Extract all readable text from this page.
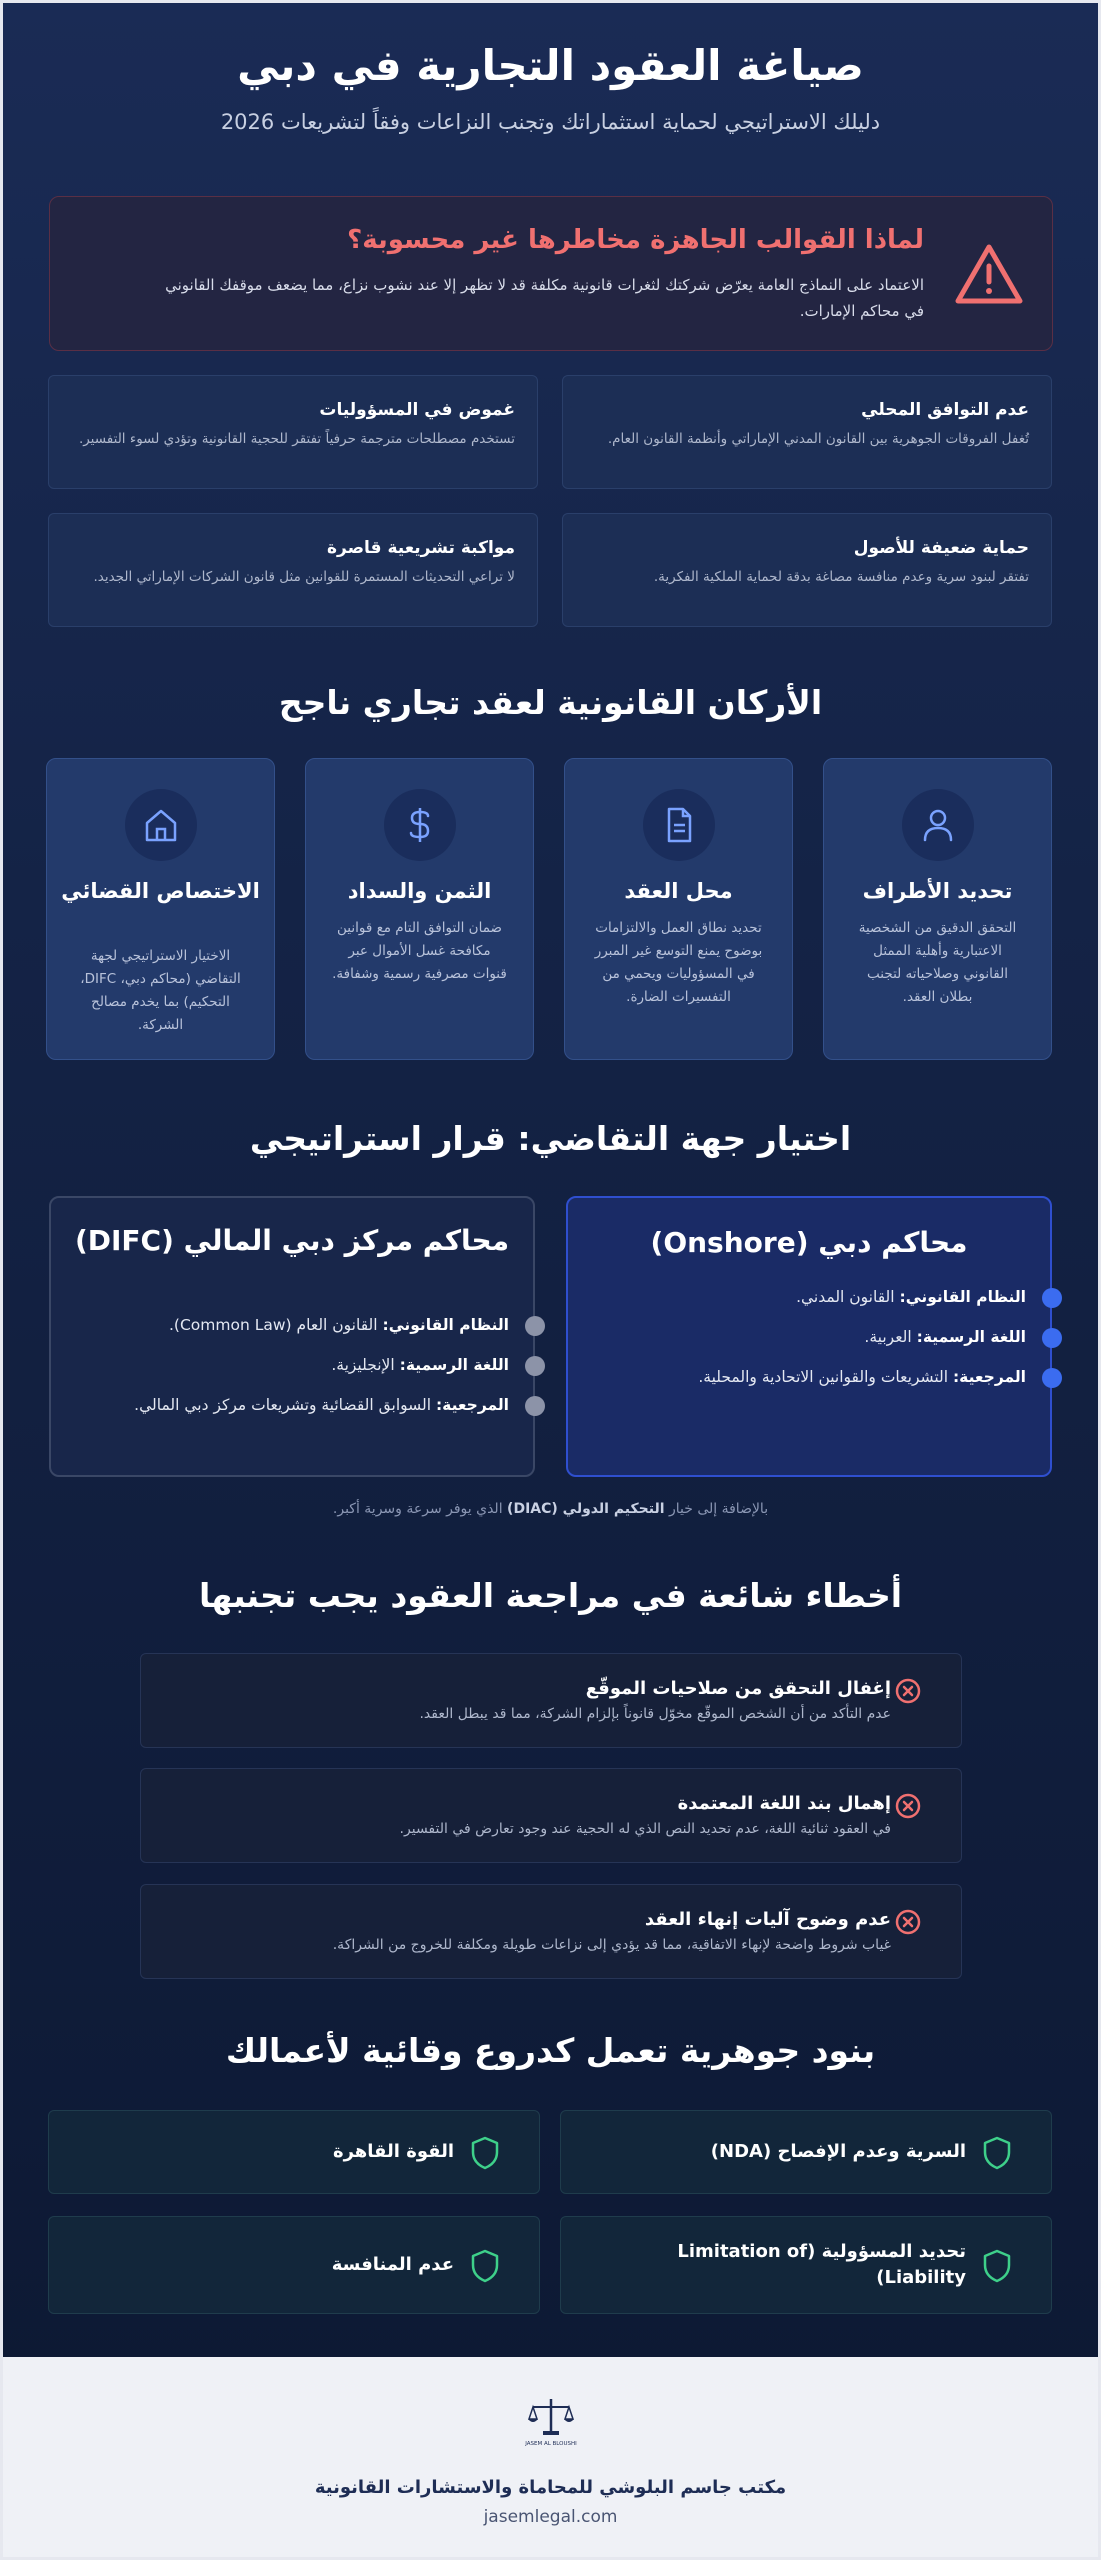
صياغة العقود التجارية في دبي
دليلك الاستراتيجي لحماية استثماراتك وتجنب النزاعات وفقاً لتشريعات 2026
لماذا القوالب الجاهزة مخاطرها غير محسوبة؟
الاعتماد على النماذج العامة يعرّض شركتك لثغرات قانونية مكلفة قد لا تظهر إلا عند نشوب نزاع، مما يضعف موقفك القانوني في محاكم الإمارات.
عدم التوافق المحلي
تُغفل الفروقات الجوهرية بين القانون المدني الإماراتي وأنظمة القانون العام.
غموض في المسؤوليات
تستخدم مصطلحات مترجمة حرفياً تفتقر للحجية القانونية وتؤدي لسوء التفسير.
حماية ضعيفة للأصول
تفتقر لبنود سرية وعدم منافسة مصاغة بدقة لحماية الملكية الفكرية.
مواكبة تشريعية قاصرة
لا تراعي التحديثات المستمرة للقوانين مثل قانون الشركات الإماراتي الجديد.
الأركان القانونية لعقد تجاري ناجح
تحديد الأطراف
التحقق الدقيق من الشخصية الاعتبارية وأهلية الممثل القانوني وصلاحياته لتجنب بطلان العقد.
محل العقد
تحديد نطاق العمل والالتزامات بوضوح يمنع التوسع غير المبرر في المسؤوليات ويحمي من التفسيرات الضارة.
الثمن والسداد
ضمان التوافق التام مع قوانين مكافحة غسل الأموال عبر قنوات مصرفية رسمية وشفافة.
الاختصاص القضائي
الاختيار الاستراتيجي لجهة التقاضي (محاكم دبي، DIFC، التحكيم) بما يخدم مصالح الشركة.
اختيار جهة التقاضي: قرار استراتيجي
محاكم دبي (Onshore)
النظام القانوني: القانون المدني.
اللغة الرسمية: العربية.
المرجعية: التشريعات والقوانين الاتحادية والمحلية.
محاكم مركز دبي المالي (DIFC)
النظام القانوني: القانون العام (Common Law).
اللغة الرسمية: الإنجليزية.
المرجعية: السوابق القضائية وتشريعات مركز دبي المالي.
بالإضافة إلى خيار التحكيم الدولي (DIAC) الذي يوفر سرعة وسرية أكبر.
أخطاء شائعة في مراجعة العقود يجب تجنبها
إغفال التحقق من صلاحيات الموقّع
عدم التأكد من أن الشخص الموقّع مخوّل قانوناً بإلزام الشركة، مما قد يبطل العقد.
إهمال بند اللغة المعتمدة
في العقود ثنائية اللغة، عدم تحديد النص الذي له الحجية عند وجود تعارض في التفسير.
عدم وضوح آليات إنهاء العقد
غياب شروط واضحة لإنهاء الاتفاقية، مما قد يؤدي إلى نزاعات طويلة ومكلفة للخروج من الشراكة.
بنود جوهرية تعمل كدروع وقائية لأعمالك
السرية وعدم الإفصاح (NDA)
القوة القاهرة
تحديد المسؤولية (Limitation of Liability)
عدم المنافسة
JASEM AL BLOUSHI
مكتب جاسم البلوشي للمحاماة والاستشارات القانونية
jasemlegal.com
